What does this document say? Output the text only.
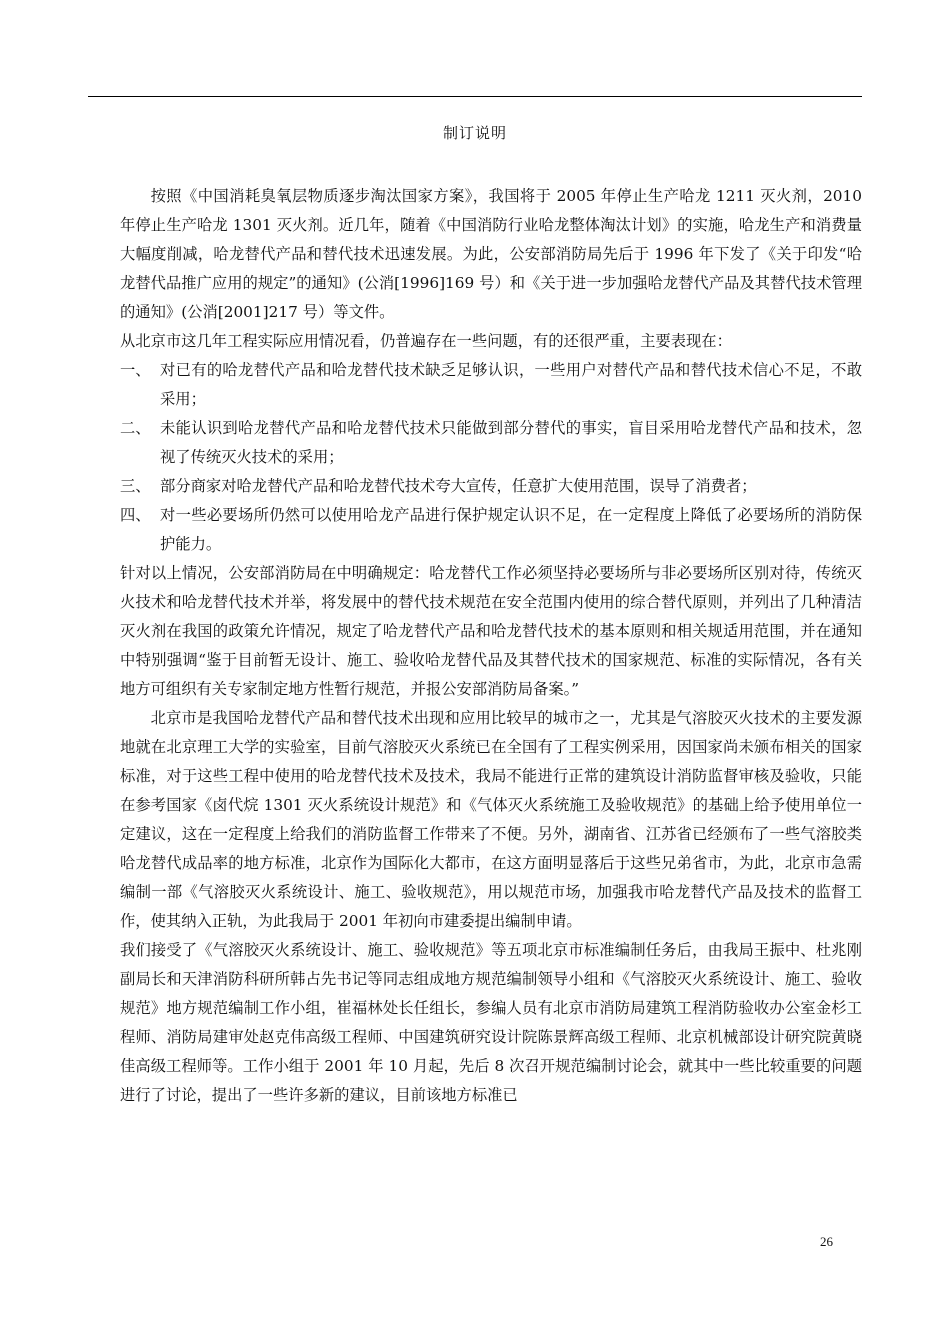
制订说明

按照《中国消耗臭氧层物质逐步淘汰国家方案》，我国将于 2005 年停止生产哈龙 1211 灭火剂，2010 年停止生产哈龙 1301 灭火剂。近几年，随着《中国消防行业哈龙整体淘汰计划》的实施，哈龙生产和消费量大幅度削减，哈龙替代产品和替代技术迅速发展。为此，公安部消防局先后于 1996 年下发了《关于印发“哈龙替代品推广应用的规定”的通知》(公消[1996]169 号）和《关于进一步加强哈龙替代产品及其替代技术管理的通知》(公消[2001]217 号）等文件。

从北京市这几年工程实际应用情况看，仍普遍存在一些问题，有的还很严重，主要表现在：

一、 对已有的哈龙替代产品和哈龙替代技术缺乏足够认识，一些用户对替代产品和替代技术信心不足，不敢采用；
二、 未能认识到哈龙替代产品和哈龙替代技术只能做到部分替代的事实，盲目采用哈龙替代产品和技术，忽视了传统灭火技术的采用；
三、 部分商家对哈龙替代产品和哈龙替代技术夸大宣传，任意扩大使用范围，误导了消费者；
四、 对一些必要场所仍然可以使用哈龙产品进行保护规定认识不足，在一定程度上降低了必要场所的消防保护能力。

针对以上情况，公安部消防局在中明确规定：哈龙替代工作必须坚持必要场所与非必要场所区别对待，传统灭火技术和哈龙替代技术并举，将发展中的替代技术规范在安全范围内使用的综合替代原则，并列出了几种清洁灭火剂在我国的政策允许情况，规定了哈龙替代产品和哈龙替代技术的基本原则和相关规适用范围，并在通知中特别强调“鉴于目前暂无设计、施工、验收哈龙替代品及其替代技术的国家规范、标准的实际情况，各有关地方可组织有关专家制定地方性暂行规范，并报公安部消防局备案。”

北京市是我国哈龙替代产品和替代技术出现和应用比较早的城市之一，尤其是气溶胶灭火技术的主要发源地就在北京理工大学的实验室，目前气溶胶灭火系统已在全国有了工程实例采用，因国家尚未颁布相关的国家标准，对于这些工程中使用的哈龙替代技术及技术，我局不能进行正常的建筑设计消防监督审核及验收，只能在参考国家《卤代烷 1301 灭火系统设计规范》和《气体灭火系统施工及验收规范》的基础上给予使用单位一定建议，这在一定程度上给我们的消防监督工作带来了不便。另外，湖南省、江苏省已经颁布了一些气溶胶类哈龙替代成品率的地方标准，北京作为国际化大都市，在这方面明显落后于这些兄弟省市，为此，北京市急需编制一部《气溶胶灭火系统设计、施工、验收规范》，用以规范市场，加强我市哈龙替代产品及技术的监督工作，使其纳入正轨，为此我局于 2001 年初向市建委提出编制申请。

我们接受了《气溶胶灭火系统设计、施工、验收规范》等五项北京市标准编制任务后，由我局王振中、杜兆刚副局长和天津消防科研所韩占先书记等同志组成地方规范编制领导小组和《气溶胶灭火系统设计、施工、验收规范》地方规范编制工作小组，崔福林处长任组长，参编人员有北京市消防局建筑工程消防验收办公室金杉工程师、消防局建审处赵克伟高级工程师、中国建筑研究设计院陈景辉高级工程师、北京机械部设计研究院黄晓佳高级工程师等。工作小组于 2001 年 10 月起，先后 8 次召开规范编制讨论会，就其中一些比较重要的问题进行了讨论，提出了一些许多新的建议，目前该地方标准已

26
